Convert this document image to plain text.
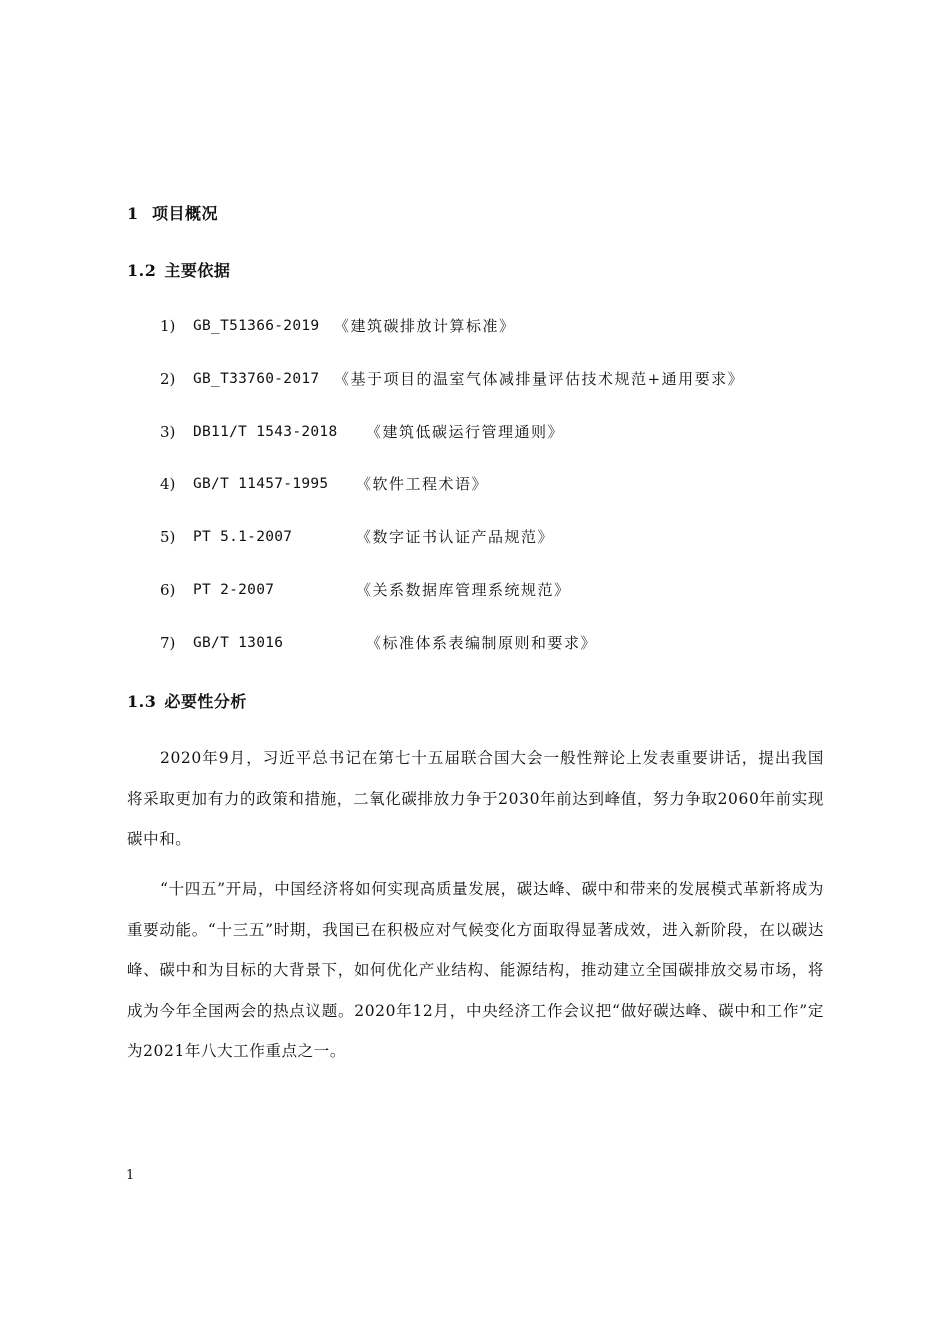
1 项目概况
1.2 主要依据
1)	GB_T51366-2019 《建筑碳排放计算标准》
2)	GB_T33760-2017 《基于项目的温室气体减排量评估技术规范+通用要求》
3)	DB11/T 1543-2018 《建筑低碳运行管理通则》
4)	GB/T 11457-1995 《软件工程术语》
5)	PT 5.1-2007	《数字证书认证产品规范》
6)	PT 2-2007	《关系数据库管理系统规范》
7)	GB/T 13016	《标准体系表编制原则和要求》
1.3 必要性分析

2020年9月，习近平总书记在第七十五届联合国大会一般性辩论上发表重要讲话，提出我国将采取更加有力的政策和措施，二氧化碳排放力争于2030年前达到峰值，努力争取2060年前实现碳中和。

“十四五”开局，中国经济将如何实现高质量发展，碳达峰、碳中和带来的发展模式革新将成为重要动能。“十三五”时期，我国已在积极应对气候变化方面取得显著成效，进入新阶段，在以碳达峰、碳中和为目标的大背景下，如何优化产业结构、能源结构，推动建立全国碳排放交易市场，将成为今年全国两会的热点议题。2020年12月，中央经济工作会议把“做好碳达峰、碳中和工作”定为2021年八大工作重点之一。

1
